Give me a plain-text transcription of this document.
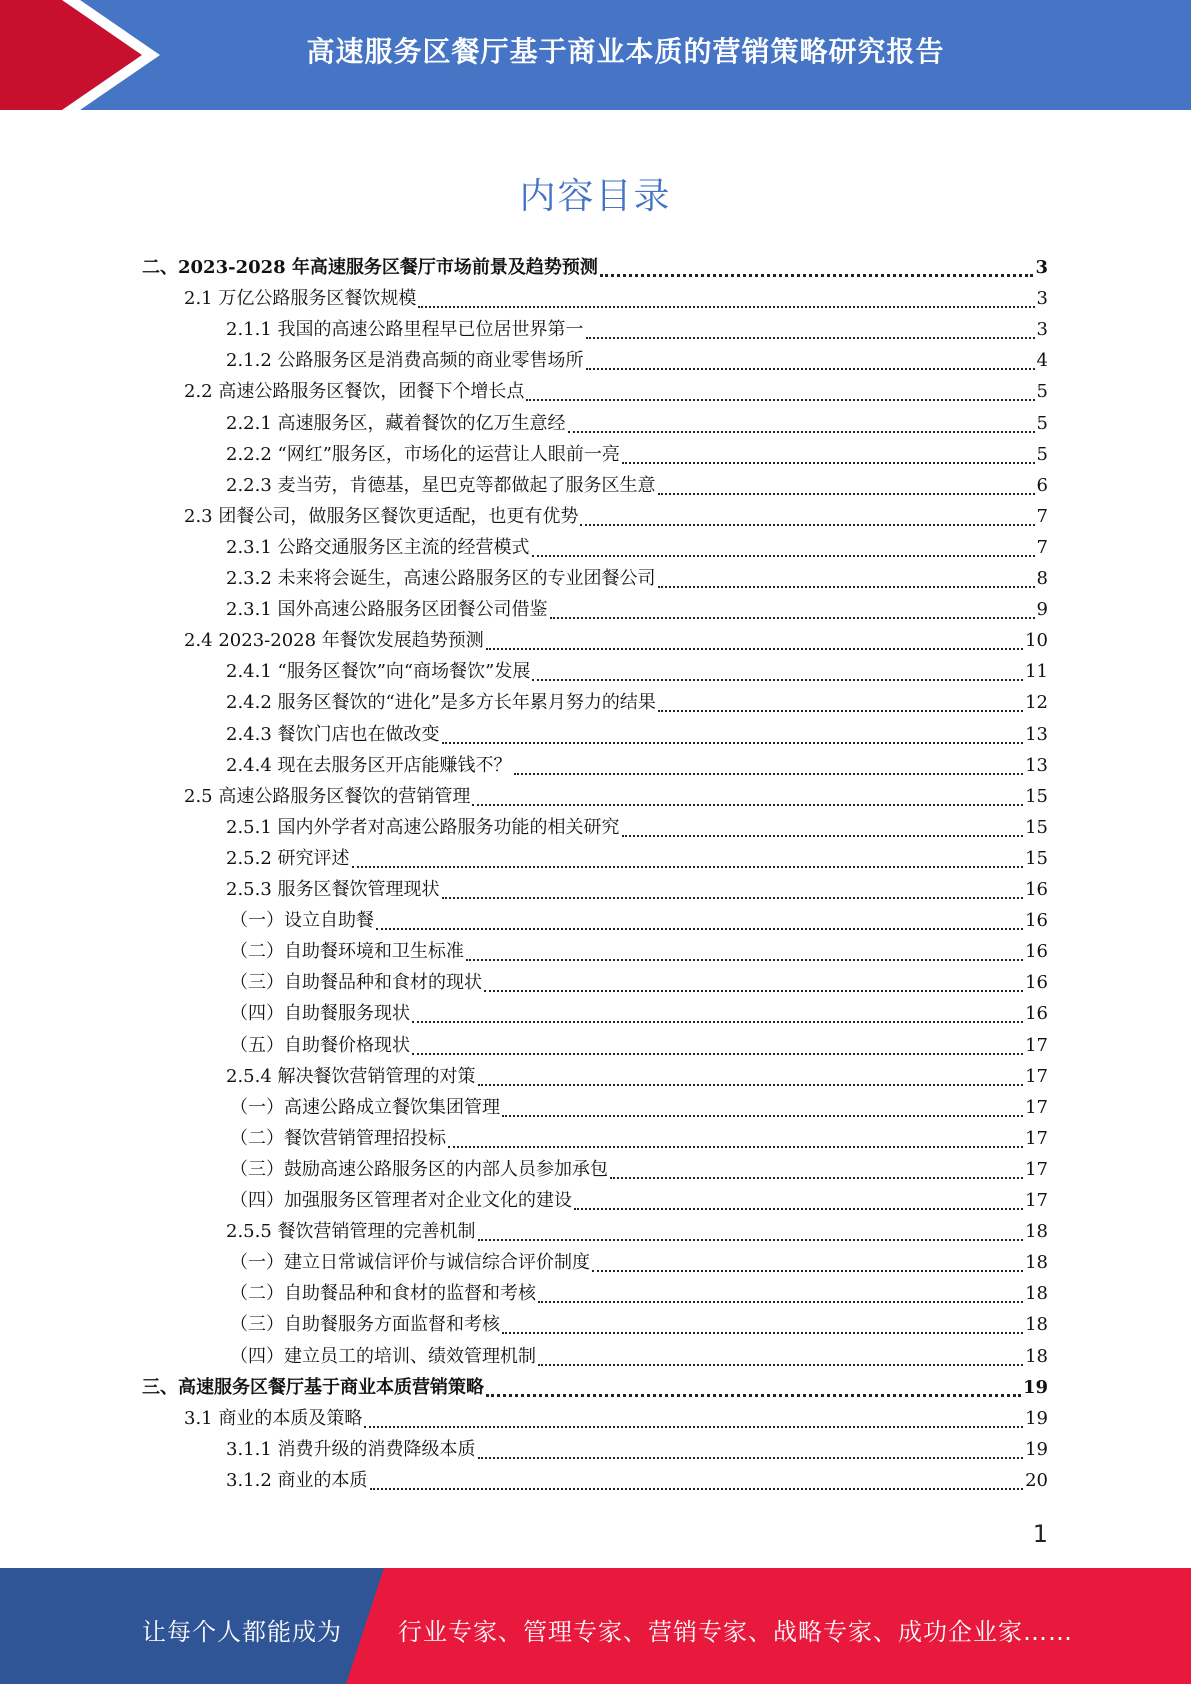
高速服务区餐厅基于商业本质的营销策略研究报告
内容目录
二、2023-2028 年高速服务区餐厅市场前景及趋势预测	3
2.1 万亿公路服务区餐饮规模	3
2.1.1 我国的高速公路里程早已位居世界第一	3
2.1.2 公路服务区是消费高频的商业零售场所	4
2.2 高速公路服务区餐饮，团餐下个增长点	5
2.2.1 高速服务区，藏着餐饮的亿万生意经	5
2.2.2 “网红”服务区，市场化的运营让人眼前一亮	5
2.2.3 麦当劳，肯德基，星巴克等都做起了服务区生意	6
2.3 团餐公司，做服务区餐饮更适配，也更有优势	7
2.3.1 公路交通服务区主流的经营模式	7
2.3.2 未来将会诞生，高速公路服务区的专业团餐公司	8
2.3.1 国外高速公路服务区团餐公司借鉴	9
2.4 2023-2028 年餐饮发展趋势预测	10
2.4.1 “服务区餐饮”向“商场餐饮”发展	11
2.4.2 服务区餐饮的“进化”是多方长年累月努力的结果	12
2.4.3 餐饮门店也在做改变	13
2.4.4 现在去服务区开店能赚钱不？	13
2.5 高速公路服务区餐饮的营销管理	15
2.5.1 国内外学者对高速公路服务功能的相关研究	15
2.5.2 研究评述	15
2.5.3 服务区餐饮管理现状	16
（一）设立自助餐	16
（二）自助餐环境和卫生标准	16
（三）自助餐品种和食材的现状	16
（四）自助餐服务现状	16
（五）自助餐价格现状	17
2.5.4 解决餐饮营销管理的对策	17
（一）高速公路成立餐饮集团管理	17
（二）餐饮营销管理招投标	17
（三）鼓励高速公路服务区的内部人员参加承包	17
（四）加强服务区管理者对企业文化的建设	17
2.5.5 餐饮营销管理的完善机制	18
（一）建立日常诚信评价与诚信综合评价制度	18
（二）自助餐品种和食材的监督和考核	18
（三）自助餐服务方面监督和考核	18
（四）建立员工的培训、绩效管理机制	18
三、高速服务区餐厅基于商业本质营销策略	19
3.1 商业的本质及策略	19
3.1.1 消费升级的消费降级本质	19
3.1.2 商业的本质	20
1
让每个人都能成为 行业专家、管理专家、营销专家、战略专家、成功企业家……
